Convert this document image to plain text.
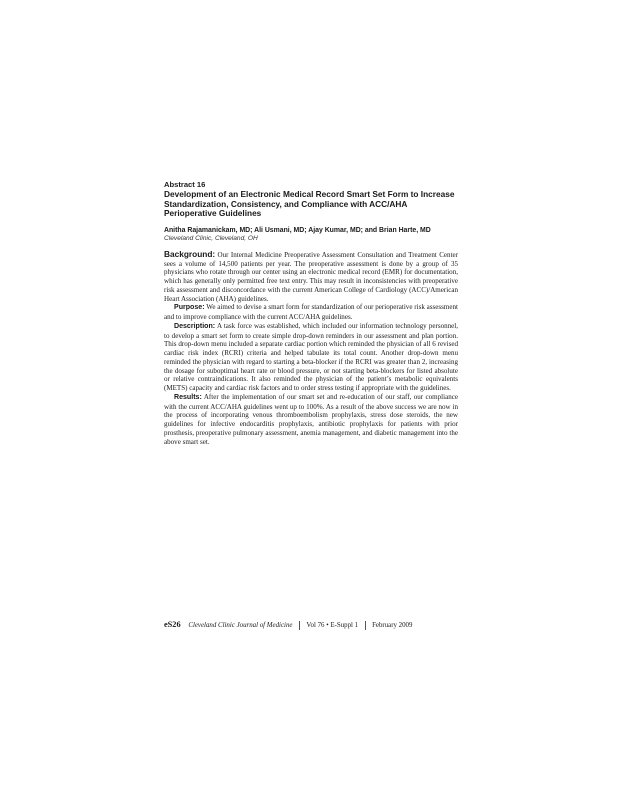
Abstract 16

Development of an Electronic Medical Record Smart Set Form to Increase Standardization, Consistency, and Compliance with ACC/AHA Perioperative Guidelines

Anitha Rajamanickam, MD; Ali Usmani, MD; Ajay Kumar, MD; and Brian Harte, MD

Cleveland Clinic, Cleveland, OH

Background: Our Internal Medicine Preoperative Assessment Consultation and Treatment Center sees a volume of 14,500 patients per year. The preoperative assessment is done by a group of 35 physicians who rotate through our center using an electronic medical record (EMR) for documentation, which has generally only permitted free text entry. This may result in inconsistencies with preoperative risk assessment and disconcordance with the current American College of Cardiology (ACC)/American Heart Association (AHA) guidelines.

Purpose: We aimed to devise a smart form for standardization of our perioperative risk assessment and to improve compliance with the current ACC/AHA guidelines.

Description: A task force was established, which included our information technology personnel, to develop a smart set form to create simple drop-down reminders in our assessment and plan portion. This drop-down menu included a separate cardiac portion which reminded the physician of all 6 revised cardiac risk index (RCRI) criteria and helped tabulate its total count. Another drop-down menu reminded the physician with regard to starting a beta-blocker if the RCRI was greater than 2, increasing the dosage for suboptimal heart rate or blood pressure, or not starting beta-blockers for listed absolute or relative contraindications. It also reminded the physician of the patient’s metabolic equivalents (METS) capacity and cardiac risk factors and to order stress testing if appropriate with the guidelines.

Results: After the implementation of our smart set and re-education of our staff, our compliance with the current ACC/AHA guidelines went up to 100%. As a result of the above success we are now in the process of incorporating venous thromboembolism prophylaxis, stress dose steroids, the new guidelines for infective endocarditis prophylaxis, antibiotic prophylaxis for patients with prior prosthesis, preoperative pulmonary assessment, anemia management, and diabetic management into the above smart set.

eS26 Cleveland Clinic Journal of Medicine Vol 76 • E-Suppl 1 February 2009
